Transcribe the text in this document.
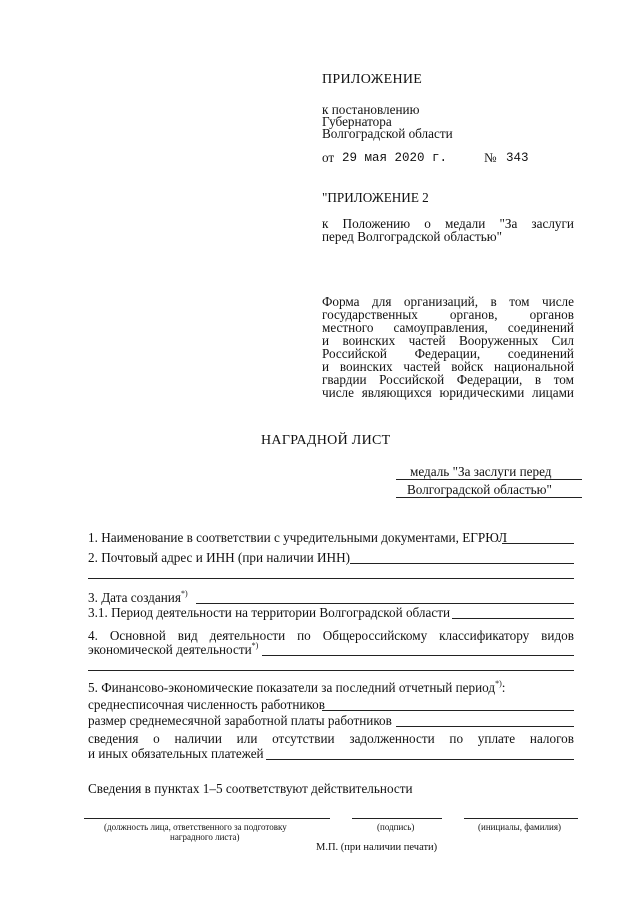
ПРИЛОЖЕНИЕ
к постановлению
Губернатора
Волгоградской области
от 29 мая 2020 г.	№ 343
"ПРИЛОЖЕНИЕ 2
к Положению о медали "За заслуги
перед Волгоградской областью"
Форма для организаций, в том числе
государственных органов, органов
местного самоуправления, соединений
и воинских частей Вооруженных Сил
Российской Федерации, соединений
и воинских частей войск национальной
гвардии Российской Федерации, в том
числе являющихся юридическими лицами
НАГРАДНОЙ ЛИСТ
медаль "За заслуги перед
Волгоградской областью"
1. Наименование в соответствии с учредительными документами, ЕГРЮЛ
2. Почтовый адрес и ИНН (при наличии ИНН)
3. Дата создания*)
3.1. Период деятельности на территории Волгоградской области
4. Основной вид деятельности по Общероссийскому классификатору видов
экономической деятельности*)
5. Финансово-экономические показатели за последний отчетный период*):
среднесписочная численность работников
размер среднемесячной заработной платы работников
сведения о наличии или отсутствии задолженности по уплате налогов
и иных обязательных платежей
Сведения в пунктах 1–5 соответствуют действительности
(должность лица, ответственного за подготовку
наградного листа)
(подпись)	(инициалы, фамилия)
М.П. (при наличии печати)
